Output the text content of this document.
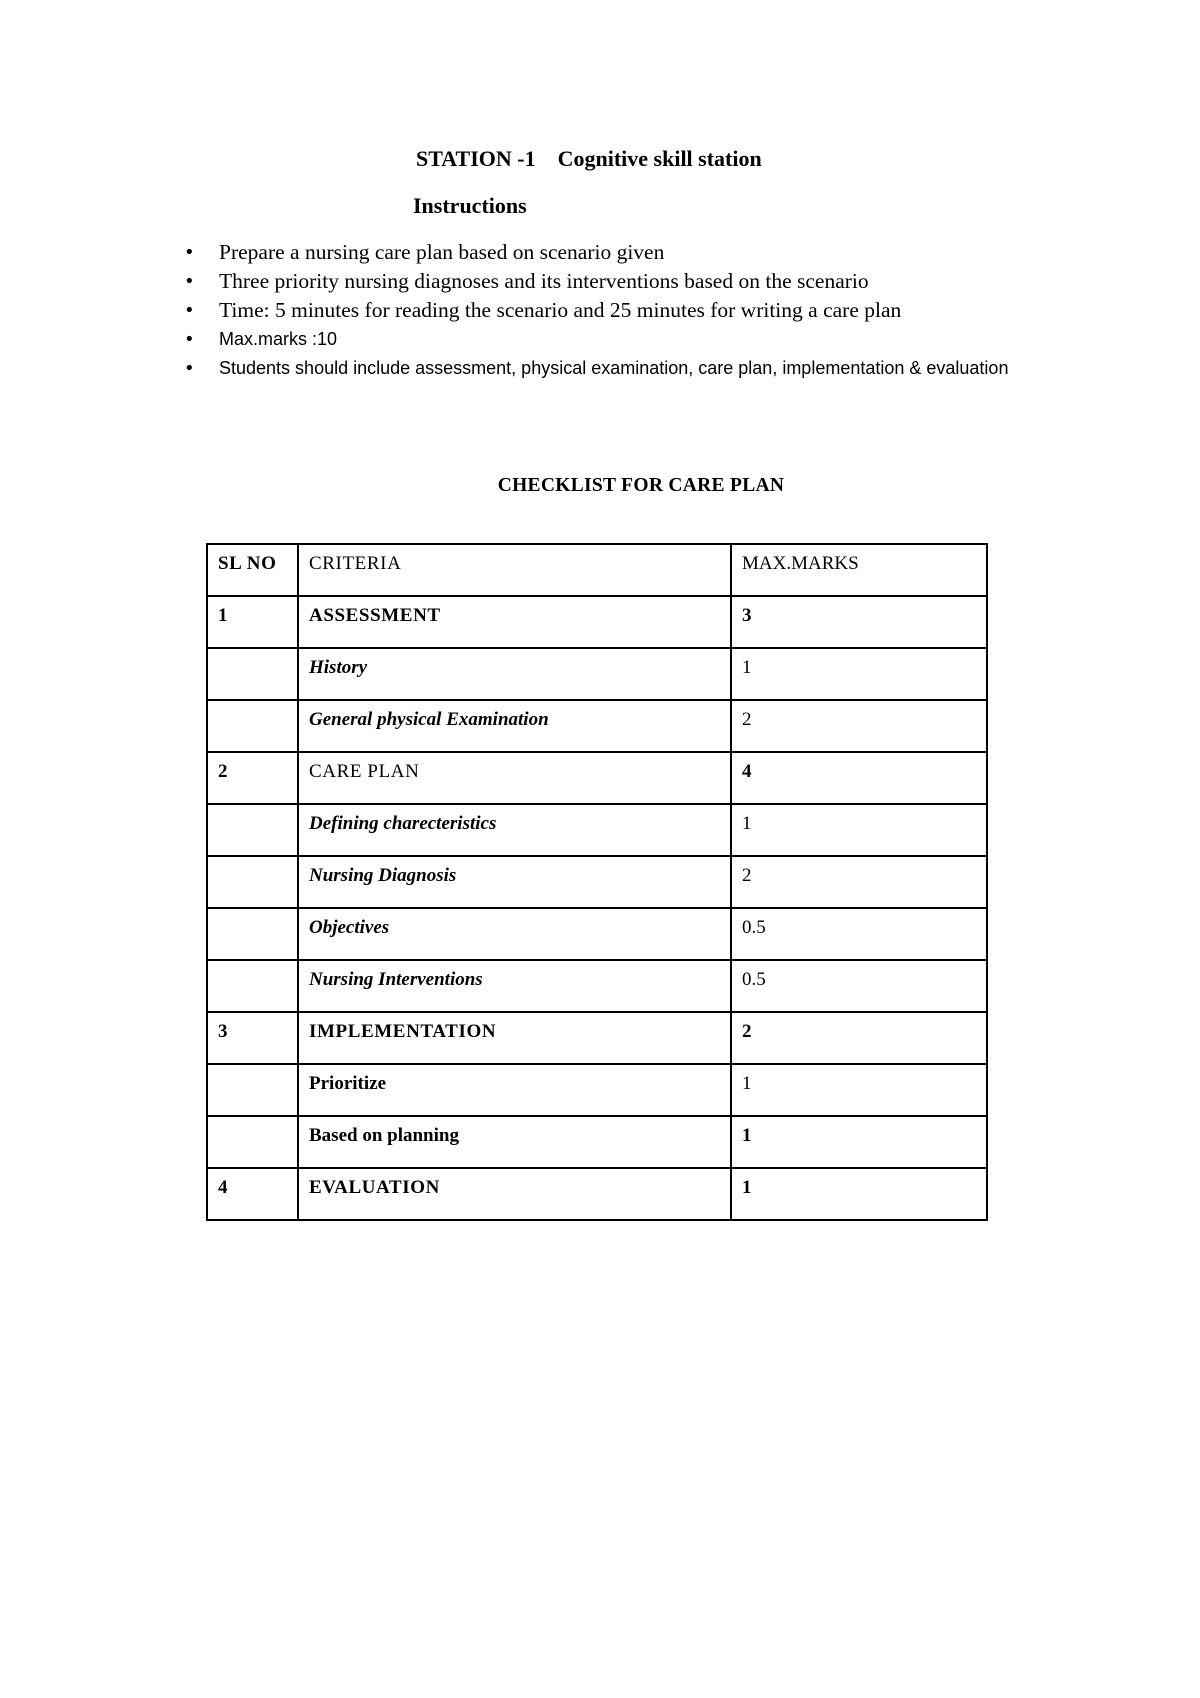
STATION -1    Cognitive skill station
Instructions
• Prepare a nursing care plan based on scenario given
• Three priority nursing diagnoses and its interventions based on the scenario
• Time: 5 minutes for reading the scenario and 25 minutes for writing a care plan
• Max.marks :10
• Students should include assessment, physical examination, care plan, implementation & evaluation
CHECKLIST FOR CARE PLAN
SL NO	CRITERIA	MAX.MARKS
1	ASSESSMENT	3
	History	1
	General physical Examination	2
2	CARE PLAN	4
	Defining charecteristics	1
	Nursing Diagnosis	2
	Objectives	0.5
	Nursing Interventions	0.5
3	IMPLEMENTATION	2
	Prioritize	1
	Based on planning	1
4	EVALUATION	1
